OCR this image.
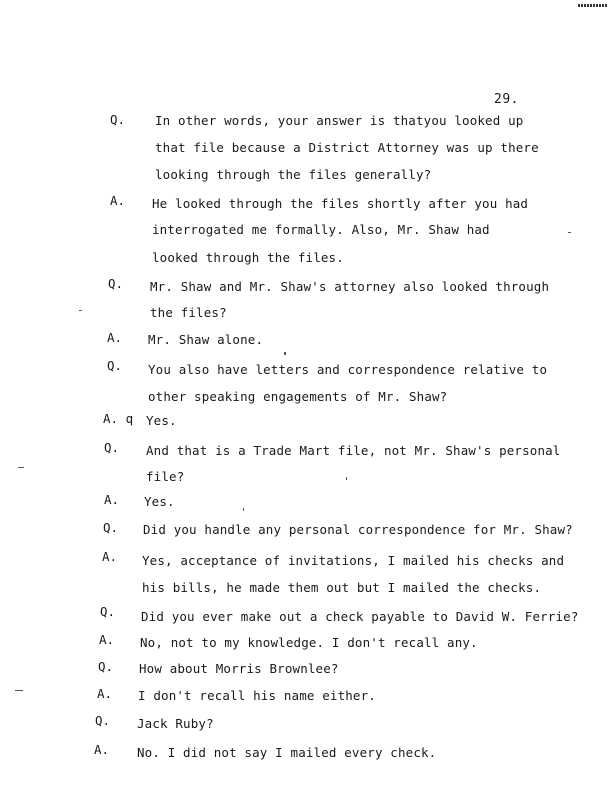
29.
Q. In other words, your answer is thatyou looked up
that file because a District Attorney was up there
looking through the files generally?
A. He looked through the files shortly after you had
interrogated me formally. Also, Mr. Shaw had
looked through the files.
Q. Mr. Shaw and Mr. Shaw's attorney also looked through
the files?
A. Mr. Shaw alone.
Q. You also have letters and correspondence relative to
other speaking engagements of Mr. Shaw?
A. q Yes.
Q. And that is a Trade Mart file, not Mr. Shaw's personal
file?
A. Yes.
Q. Did you handle any personal correspondence for Mr. Shaw?
A. Yes, acceptance of invitations, I mailed his checks and
his bills, he made them out but I mailed the checks.
Q. Did you ever make out a check payable to David W. Ferrie?
A. No, not to my knowledge. I don't recall any.
Q. How about Morris Brownlee?
A. I don't recall his name either.
Q. Jack Ruby?
A. No. I did not say I mailed every check.
